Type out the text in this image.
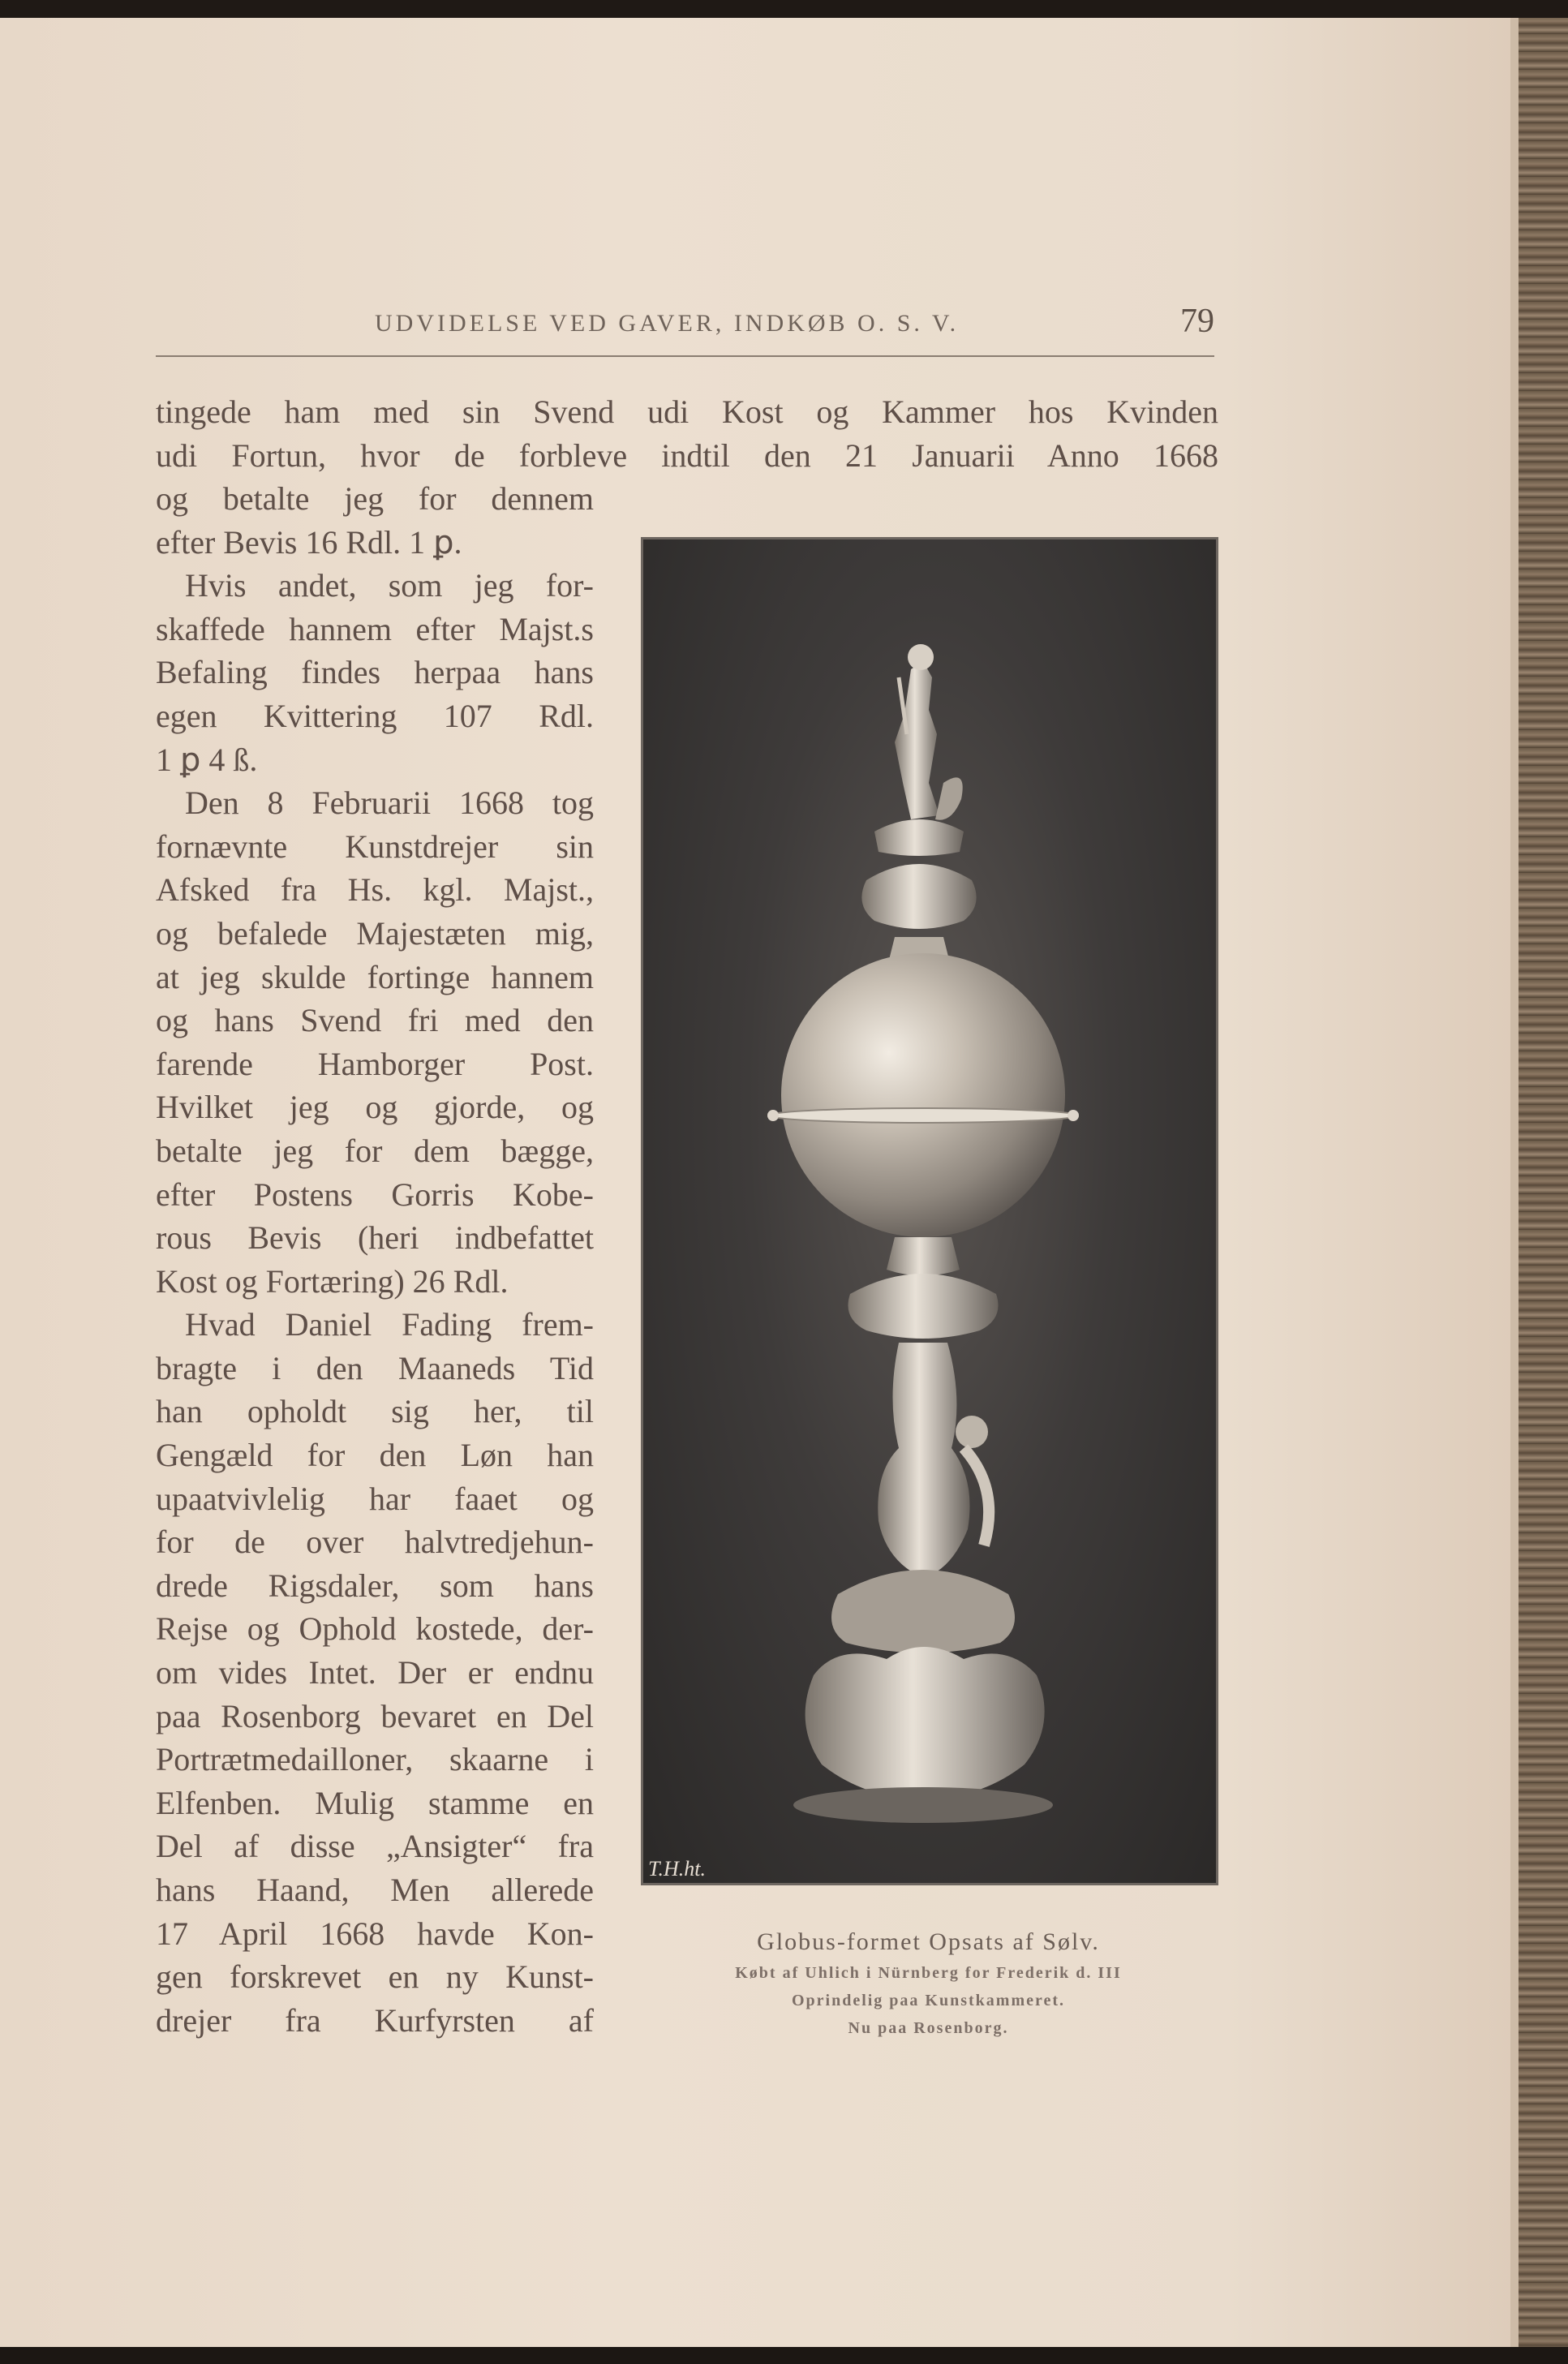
UDVIDELSE VED GAVER, INDKØB O. S. V.	79
tingede ham med sin Svend udi Kost og Kammer hos Kvinden
udi Fortun, hvor de forbleve indtil den 21 Januarii Anno 1668
og betalte jeg for dennem
efter Bevis 16 Rdl. 1 ꝑ.
Hvis andet, som jeg for-
skaffede hannem efter Majst.s
Befaling findes herpaa hans
egen Kvittering 107 Rdl.
1 ꝑ 4 ß.
Den 8 Februarii 1668 tog
fornævnte Kunstdrejer sin
Afsked fra Hs. kgl. Majst.,
og befalede Majestæten mig,
at jeg skulde fortinge hannem
og hans Svend fri med den
farende Hamborger Post.
Hvilket jeg og gjorde, og
betalte jeg for dem bægge,
efter Postens Gorris Kobe-
rous Bevis (heri indbefattet
Kost og Fortæring) 26 Rdl.
Hvad Daniel Fading frem-
bragte i den Maaneds Tid
han opholdt sig her, til
Gengæld for den Løn han
upaatvivlelig har faaet og
for de over halvtredjehun-
drede Rigsdaler, som hans
Rejse og Ophold kostede, der-
om vides Intet. Der er endnu
paa Rosenborg bevaret en Del
Portrætmedailloner, skaarne i
Elfenben. Mulig stamme en
Del af disse „Ansigter“ fra
hans Haand, Men allerede
17 April 1668 havde Kon-
gen forskrevet en ny Kunst-
drejer fra Kurfyrsten af
T.H.ht.
Globus-formet Opsats af Sølv.
Købt af Uhlich i Nürnberg for Frederik d. III
Oprindelig paa Kunstkammeret.
Nu paa Rosenborg.
